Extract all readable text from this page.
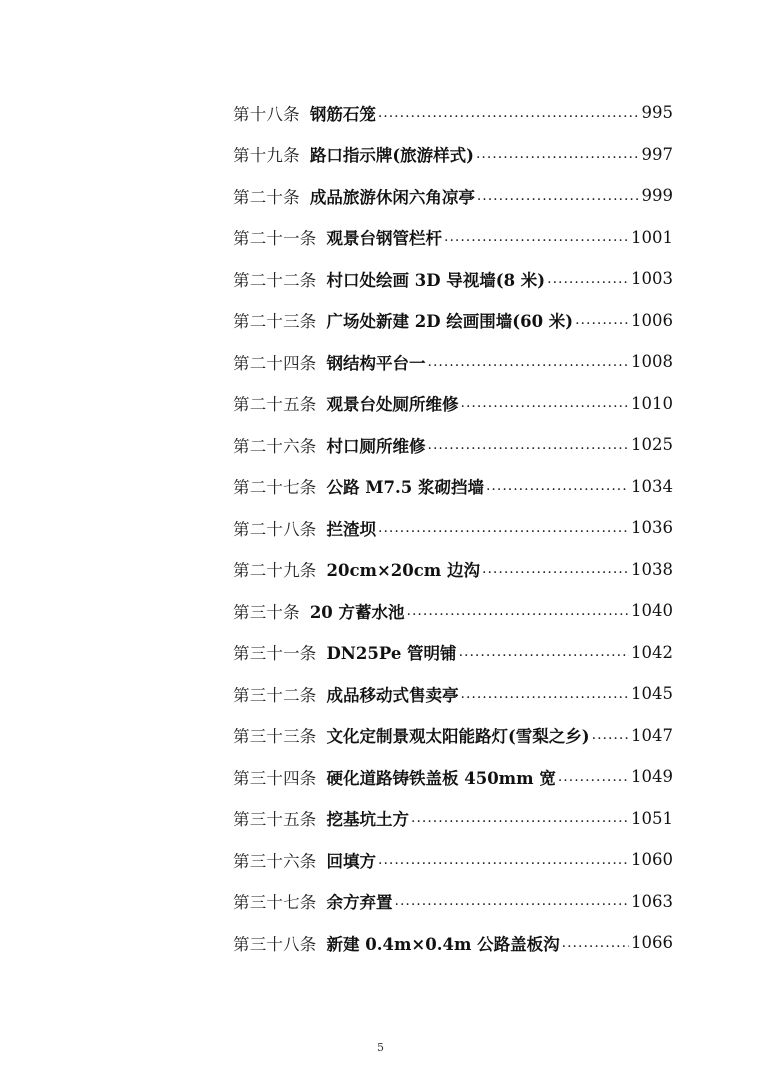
第十八条 钢筋石笼 .....	995
第十九条 路口指示牌(旅游样式) .....	997
第二十条 成品旅游休闲六角凉亭 .....	999
第二十一条 观景台钢管栏杆 .....	1001
第二十二条 村口处绘画 3D 导视墙(8 米) .....	1003
第二十三条 广场处新建 2D 绘画围墙(60 米) .....	1006
第二十四条 钢结构平台一 .....	1008
第二十五条 观景台处厕所维修 .....	1010
第二十六条 村口厕所维修 .....	1025
第二十七条 公路 M7.5 浆砌挡墙 .....	1034
第二十八条 拦渣坝 .....	1036
第二十九条 20cm×20cm 边沟 .....	1038
第三十条 20 方蓄水池 .....	1040
第三十一条 DN25Pe 管明铺 .....	1042
第三十二条 成品移动式售卖亭 .....	1045
第三十三条 文化定制景观太阳能路灯(雪梨之乡) .....	1047
第三十四条 硬化道路铸铁盖板 450mm 宽 .....	1049
第三十五条 挖基坑土方 .....	1051
第三十六条 回填方 .....	1060
第三十七条 余方弃置 .....	1063
第三十八条 新建 0.4m×0.4m 公路盖板沟 .....	1066
5
